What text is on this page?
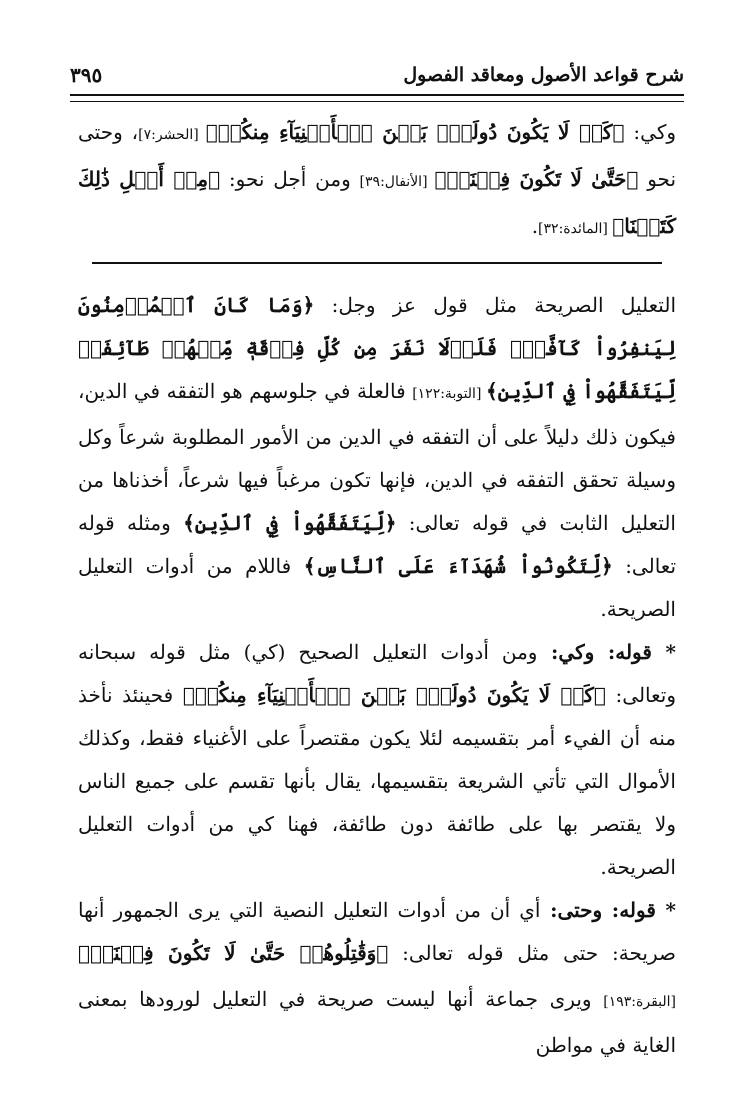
شرح قواعد الأصول ومعاقد الفصول
٣٩٥
وكي: ﴿كَيۡ لَا يَكُونَ دُولَةَۢ بَيۡنَ ٱلۡأَغۡنِيَآءِ مِنكُمۡ﴾ [الحشر:٧]، وحتى نحو ﴿حَتَّىٰ لَا تَكُونَ فِتۡنَةٞ﴾ [الأنفال:٣٩] ومن أجل نحو: ﴿مِنۡ أَجۡلِ ذَٰلِكَ كَتَبۡنَا﴾ [المائدة:٣٢].

التعليل الصريحة مثل قول عز وجل: ﴿وَمَا كَانَ ٱلۡمُؤۡمِنُونَ لِيَنفِرُواْ كَآفَّةٗۚ فَلَوۡلَا نَفَرَ مِن كُلِّ فِرۡقَةٖ مِّنۡهُمۡ طَآئِفَةٞ لِّيَتَفَقَّهُواْ فِي ٱلدِّينِ﴾ [التوبة:١٢٢] فالعلة في جلوسهم هو التفقه في الدين، فيكون ذلك دليلاً على أن التفقه في الدين من الأمور المطلوبة شرعاً وكل وسيلة تحقق التفقه في الدين، فإنها تكون مرغباً فيها شرعاً، أخذناها من التعليل الثابت في قوله تعالى: ﴿لِّيَتَفَقَّهُواْ فِي ٱلدِّينِ﴾ ومثله قوله تعالى: ﴿لِّتَكُونُواْ شُهَدَآءَ عَلَى ٱلنَّاسِ﴾ فاللام من أدوات التعليل الصريحة.

* قوله: وكي: ومن أدوات التعليل الصحيح (كي) مثل قوله سبحانه وتعالى: ﴿كَيۡ لَا يَكُونَ دُولَةَۢ بَيۡنَ ٱلۡأَغۡنِيَآءِ مِنكُمۡ﴾ فحينئذ نأخذ منه أن الفيء أمر بتقسيمه لئلا يكون مقتصراً على الأغنياء فقط، وكذلك الأموال التي تأتي الشريعة بتقسيمها، يقال بأنها تقسم على جميع الناس ولا يقتصر بها على طائفة دون طائفة، فهنا كي من أدوات التعليل الصريحة.

* قوله: وحتى: أي أن من أدوات التعليل النصية التي يرى الجمهور أنها صريحة: حتى مثل قوله تعالى: ﴿وَقَٰتِلُوهُمۡ حَتَّىٰ لَا تَكُونَ فِتۡنَةٞ﴾ [البقرة:١٩٣] ويرى جماعة أنها ليست صريحة في التعليل لورودها بمعنى الغاية في مواطن
